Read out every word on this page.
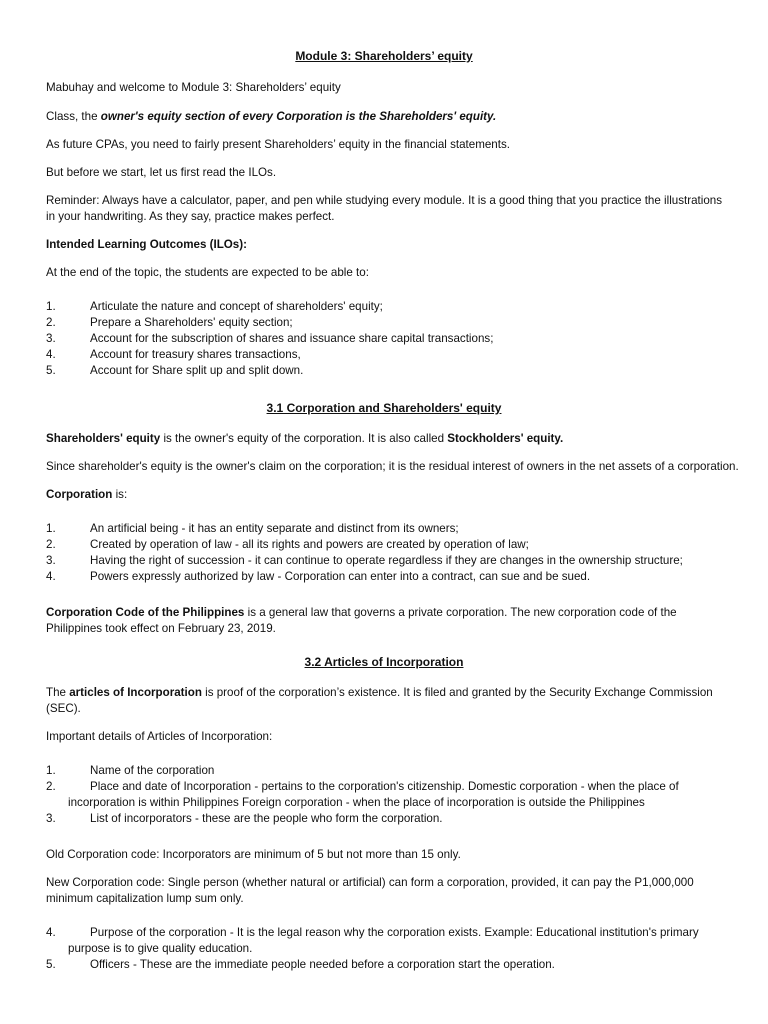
Module 3: Shareholders’ equity
Mabuhay and welcome to Module 3: Shareholders’ equity
Class, the owner's equity section of every Corporation is the Shareholders' equity.
As future CPAs, you need to fairly present Shareholders’ equity in the financial statements.
But before we start, let us first read the ILOs.
Reminder: Always have a calculator, paper, and pen while studying every module. It is a good thing that you practice the illustrations in your handwriting. As they say, practice makes perfect.
Intended Learning Outcomes (ILOs):
At the end of the topic, the students are expected to be able to:
1.	Articulate the nature and concept of shareholders' equity;
2.	Prepare a Shareholders' equity section;
3.	Account for the subscription of shares and issuance share capital transactions;
4.	Account for treasury shares transactions,
5.	Account for Share split up and split down.
3.1 Corporation and Shareholders' equity
Shareholders' equity is the owner's equity of the corporation. It is also called Stockholders' equity.
Since shareholder's equity is the owner's claim on the corporation; it is the residual interest of owners in the net assets of a corporation.
Corporation is:
1.	An artificial being - it has an entity separate and distinct from its owners;
2.	Created by operation of law - all its rights and powers are created by operation of law;
3.	Having the right of succession - it can continue to operate regardless if they are changes in the ownership structure;
4.	Powers expressly authorized by law - Corporation can enter into a contract, can sue and be sued.
Corporation Code of the Philippines is a general law that governs a private corporation. The new corporation code of the Philippines took effect on February 23, 2019.
3.2 Articles of Incorporation
The articles of Incorporation is proof of the corporation’s existence. It is filed and granted by the Security Exchange Commission (SEC).
Important details of Articles of Incorporation:
1.	Name of the corporation
2.	Place and date of Incorporation - pertains to the corporation's citizenship. Domestic corporation - when the place of
incorporation is within Philippines Foreign corporation - when the place of incorporation is outside the Philippines
3.	List of incorporators - these are the people who form the corporation.
Old Corporation code: Incorporators are minimum of 5 but not more than 15 only.
New Corporation code: Single person (whether natural or artificial) can form a corporation, provided, it can pay the P1,000,000 minimum capitalization lump sum only.
4.	Purpose of the corporation - It is the legal reason why the corporation exists. Example: Educational institution's primary
purpose is to give quality education.
5.	Officers - These are the immediate people needed before a corporation start the operation.
